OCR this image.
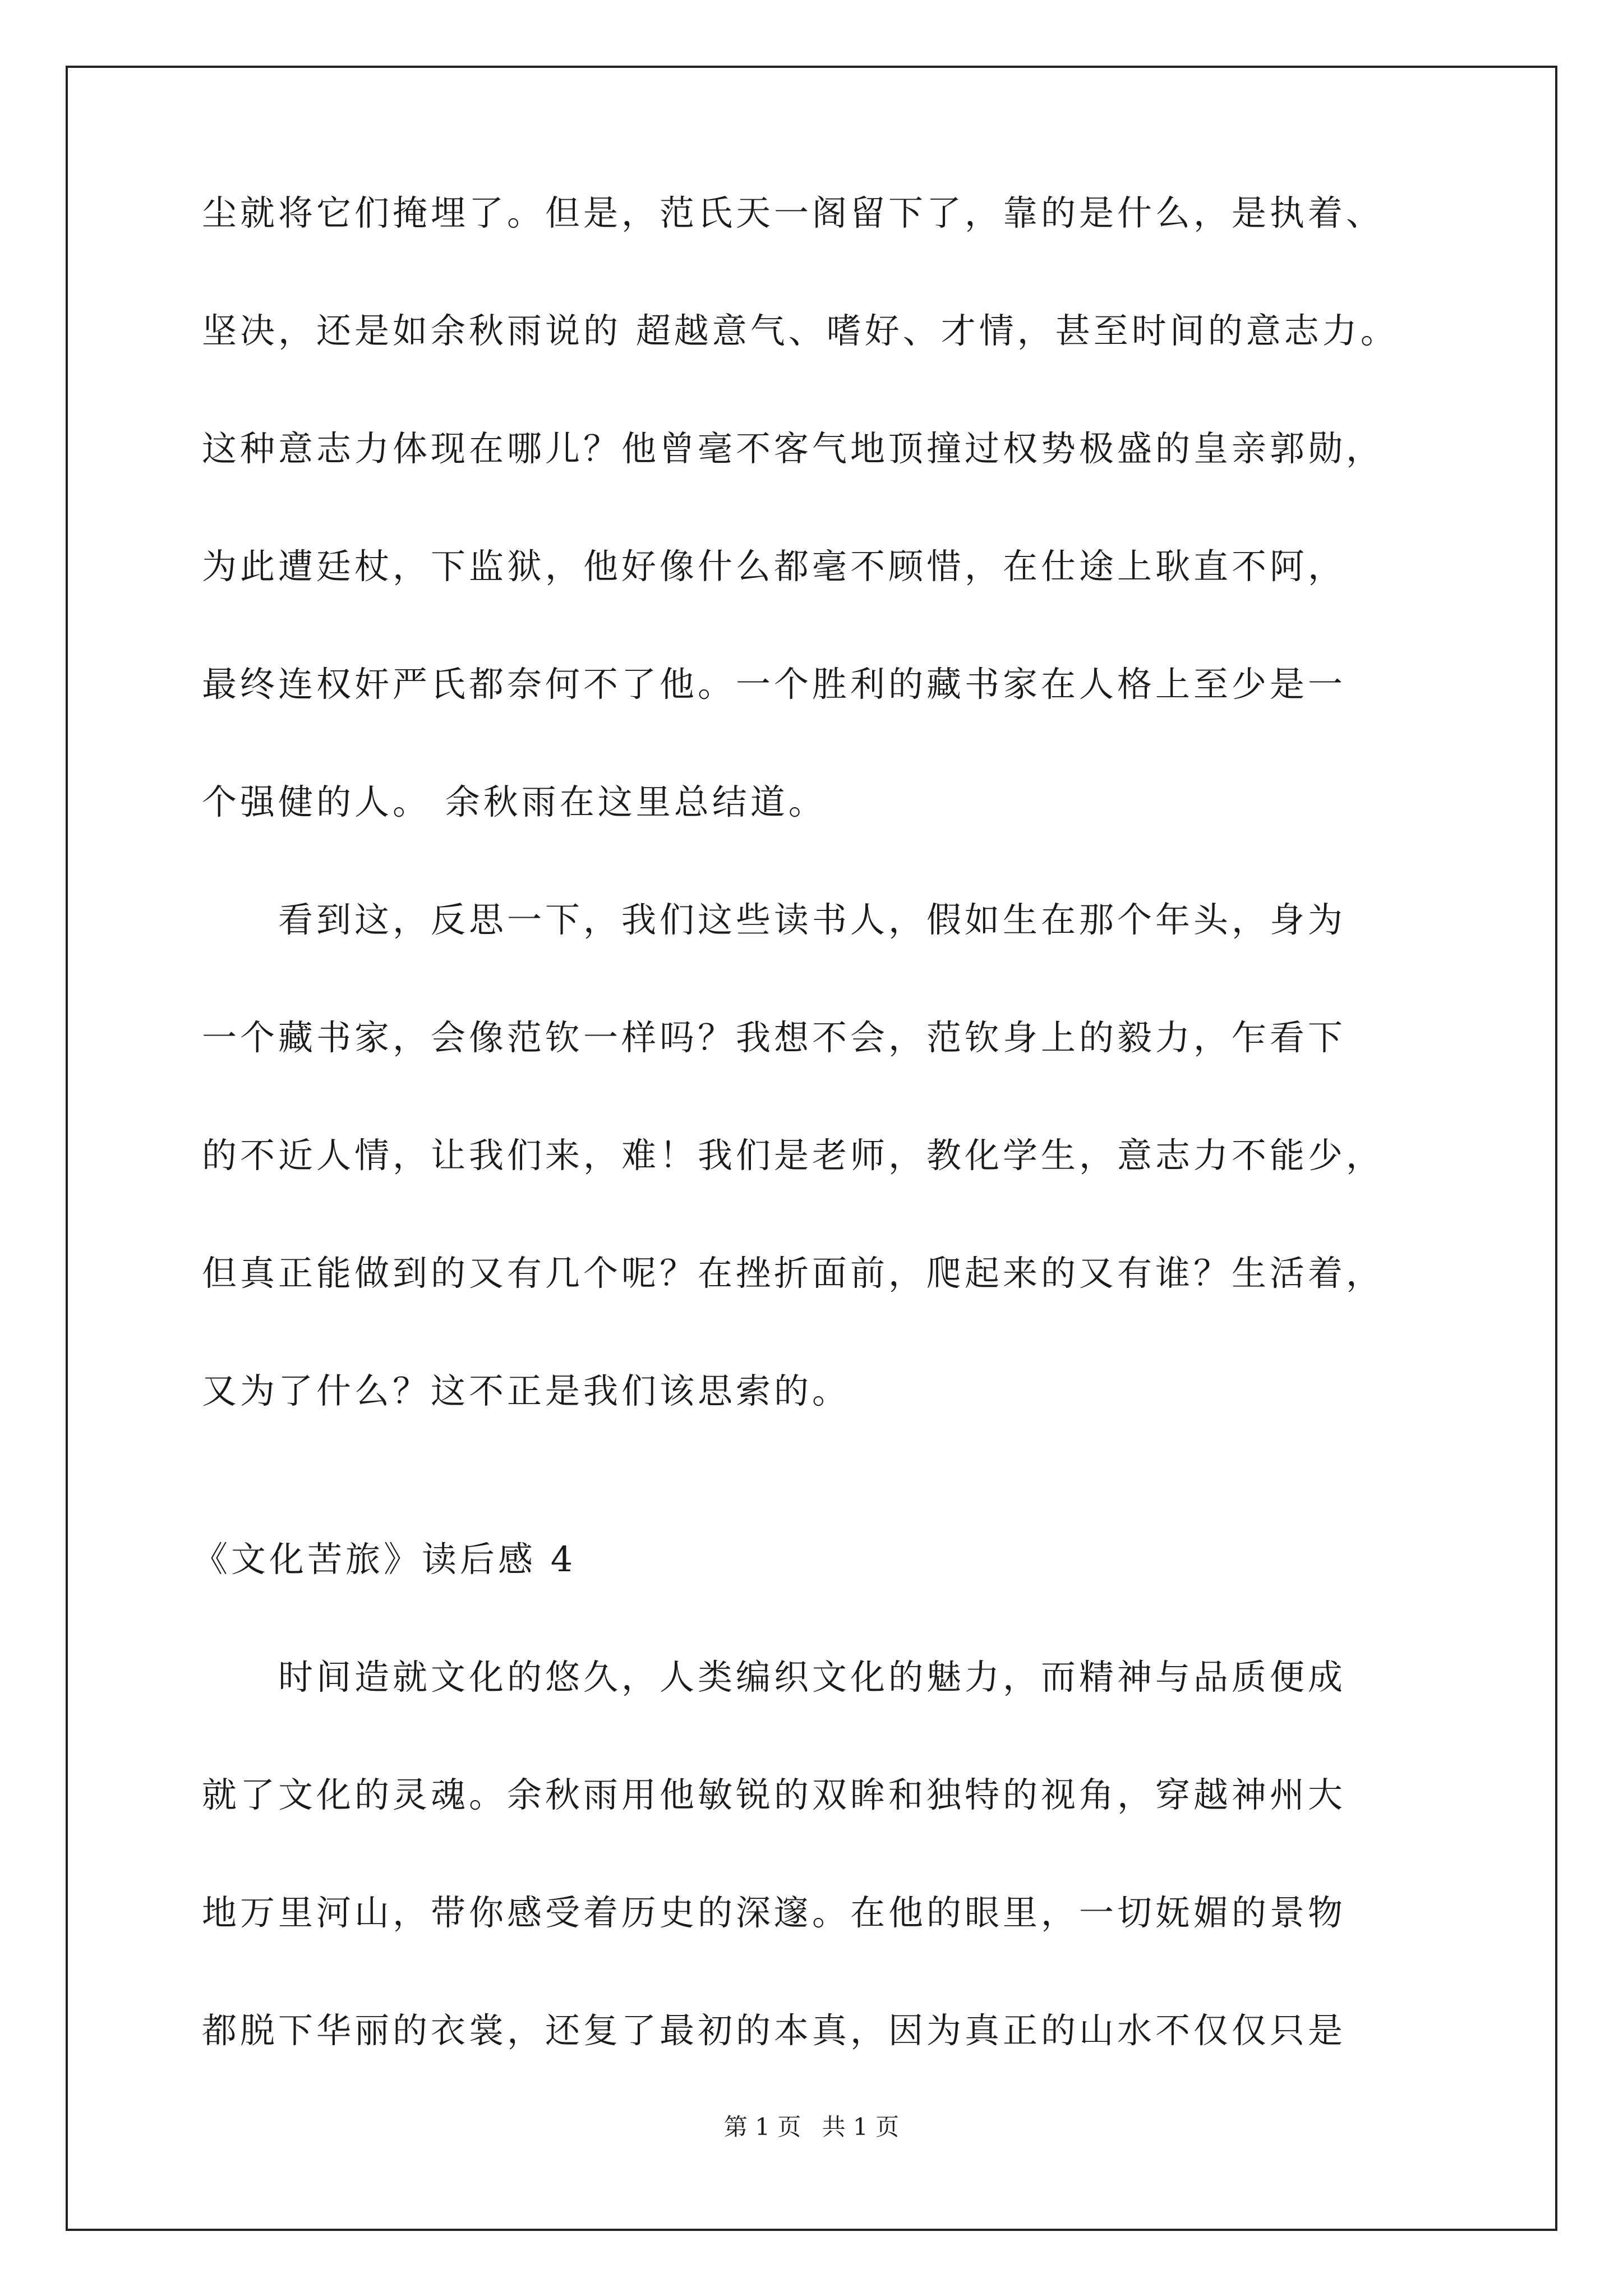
尘就将它们掩埋了。但是，范氏天一阁留下了，靠的是什么，是执着、
坚决，还是如余秋雨说的 超越意气、嗜好、才情，甚至时间的意志力。
这种意志力体现在哪儿？他曾毫不客气地顶撞过权势极盛的皇亲郭勋，
为此遭廷杖，下监狱，他好像什么都毫不顾惜，在仕途上耿直不阿，
最终连权奸严氏都奈何不了他。一个胜利的藏书家在人格上至少是一
个强健的人。 余秋雨在这里总结道。
看到这，反思一下，我们这些读书人，假如生在那个年头，身为
一个藏书家，会像范钦一样吗？我想不会，范钦身上的毅力，乍看下
的不近人情，让我们来，难！我们是老师，教化学生，意志力不能少，
但真正能做到的又有几个呢？在挫折面前，爬起来的又有谁？生活着，
又为了什么？这不正是我们该思索的。
《文化苦旅》读后感 4
时间造就文化的悠久，人类编织文化的魅力，而精神与品质便成
就了文化的灵魂。余秋雨用他敏锐的双眸和独特的视角，穿越神州大
地万里河山，带你感受着历史的深邃。在他的眼里，一切妩媚的景物
都脱下华丽的衣裳，还复了最初的本真，因为真正的山水不仅仅只是
第 1 页 共 1 页
